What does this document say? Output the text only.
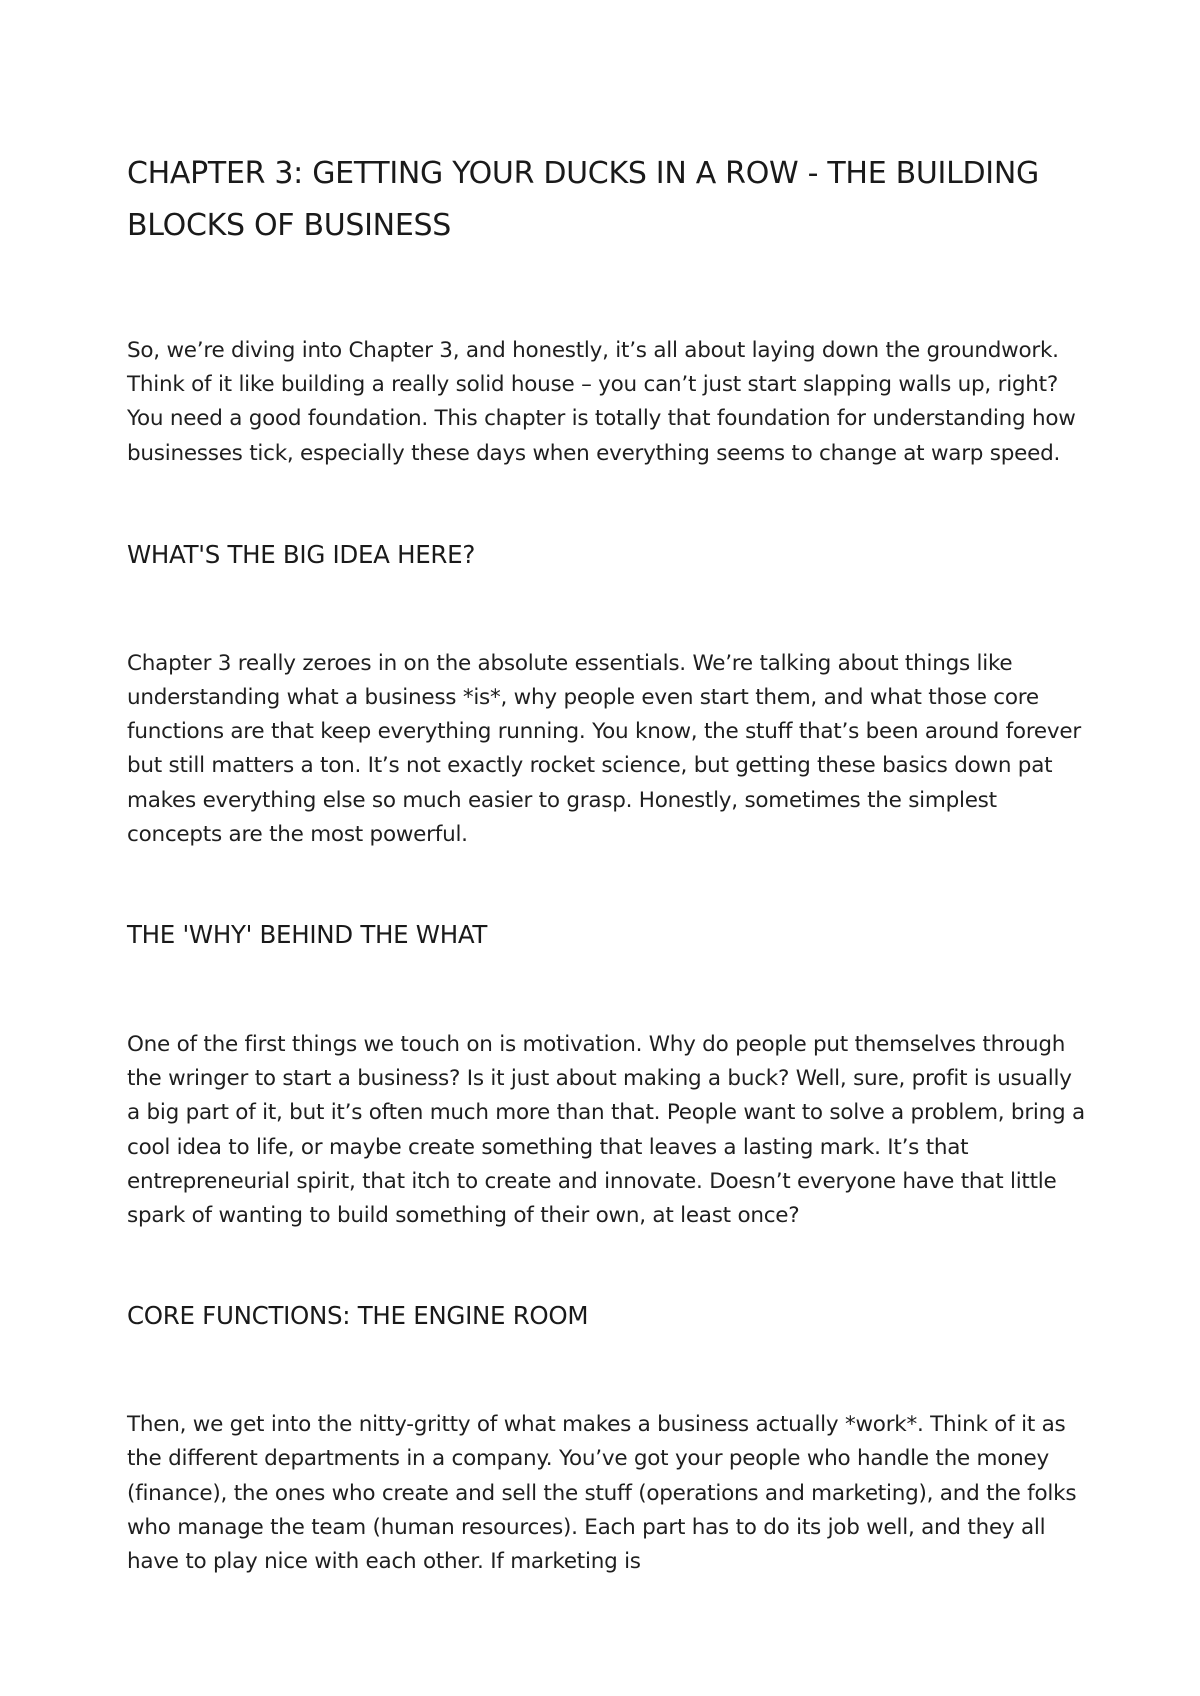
CHAPTER 3: GETTING YOUR DUCKS IN A ROW - THE BUILDING BLOCKS OF BUSINESS

So, we’re diving into Chapter 3, and honestly, it’s all about laying down the groundwork. Think of it like building a really solid house – you can’t just start slapping walls up, right? You need a good foundation. This chapter is totally that foundation for understanding how businesses tick, especially these days when everything seems to change at warp speed.

WHAT'S THE BIG IDEA HERE?

Chapter 3 really zeroes in on the absolute essentials. We’re talking about things like understanding what a business *is*, why people even start them, and what those core functions are that keep everything running. You know, the stuff that’s been around forever but still matters a ton. It’s not exactly rocket science, but getting these basics down pat makes everything else so much easier to grasp. Honestly, sometimes the simplest concepts are the most powerful.

THE 'WHY' BEHIND THE WHAT

One of the first things we touch on is motivation. Why do people put themselves through the wringer to start a business? Is it just about making a buck? Well, sure, profit is usually a big part of it, but it’s often much more than that. People want to solve a problem, bring a cool idea to life, or maybe create something that leaves a lasting mark. It’s that entrepreneurial spirit, that itch to create and innovate. Doesn’t everyone have that little spark of wanting to build something of their own, at least once?

CORE FUNCTIONS: THE ENGINE ROOM

Then, we get into the nitty-gritty of what makes a business actually *work*. Think of it as the different departments in a company. You’ve got your people who handle the money (finance), the ones who create and sell the stuff (operations and marketing), and the folks who manage the team (human resources). Each part has to do its job well, and they all have to play nice with each other. If marketing is
